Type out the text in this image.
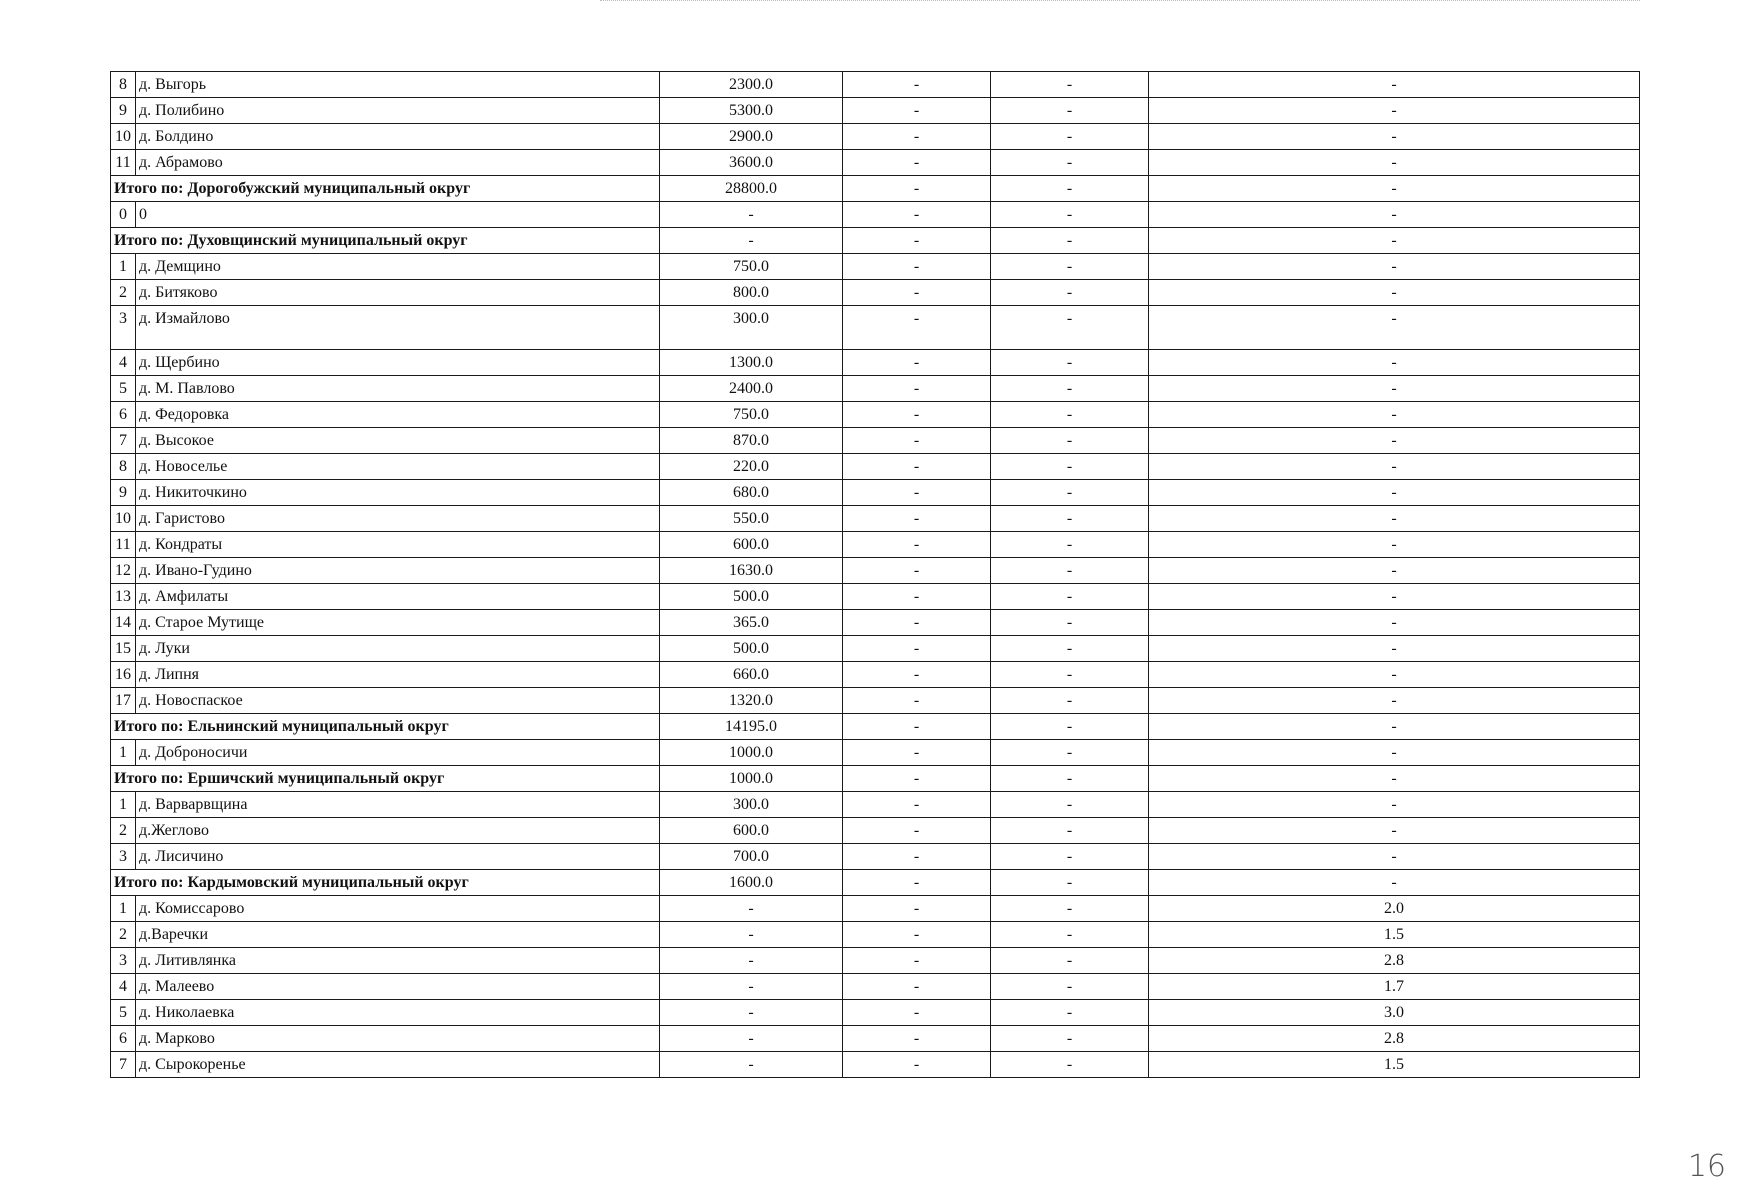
8	д. Выгорь	2300.0	-	-	-
9	д. Полибино	5300.0	-	-	-
10	д. Болдино	2900.0	-	-	-
11	д. Абрамово	3600.0	-	-	-
Итого по: Дорогобужский муниципальный округ		28800.0	-	-	-
0	0	-	-	-	-
Итого по: Духовщинский муниципальный округ		-	-	-	-
1	д. Демщино	750.0	-	-	-
2	д. Битяково	800.0	-	-	-
3	д. Измайлово	300.0	-	-	-
4	д. Щербино	1300.0	-	-	-
5	д. М. Павлово	2400.0	-	-	-
6	д. Федоровка	750.0	-	-	-
7	д. Высокое	870.0	-	-	-
8	д. Новоселье	220.0	-	-	-
9	д. Никиточкино	680.0	-	-	-
10	д. Гаристово	550.0	-	-	-
11	д. Кондраты	600.0	-	-	-
12	д. Ивано-Гудино	1630.0	-	-	-
13	д. Амфилаты	500.0	-	-	-
14	д. Старое Мутище	365.0	-	-	-
15	д. Луки	500.0	-	-	-
16	д. Липня	660.0	-	-	-
17	д. Новоспаское	1320.0	-	-	-
Итого по: Ельнинский муниципальный округ		14195.0	-	-	-
1	д. Доброносичи	1000.0	-	-	-
Итого по: Ершичский муниципальный округ		1000.0	-	-	-
1	д. Варварвщина	300.0	-	-	-
2	д.Жеглово	600.0	-	-	-
3	д. Лисичино	700.0	-	-	-
Итого по: Кардымовский муниципальный округ		1600.0	-	-	-
1	д. Комиссарово	-	-	-	2.0
2	д.Варечки	-	-	-	1.5
3	д. Литивлянка	-	-	-	2.8
4	д. Малеево	-	-	-	1.7
5	д. Николаевка	-	-	-	3.0
6	д. Марково	-	-	-	2.8
7	д. Сырокоренье	-	-	-	1.5
16
